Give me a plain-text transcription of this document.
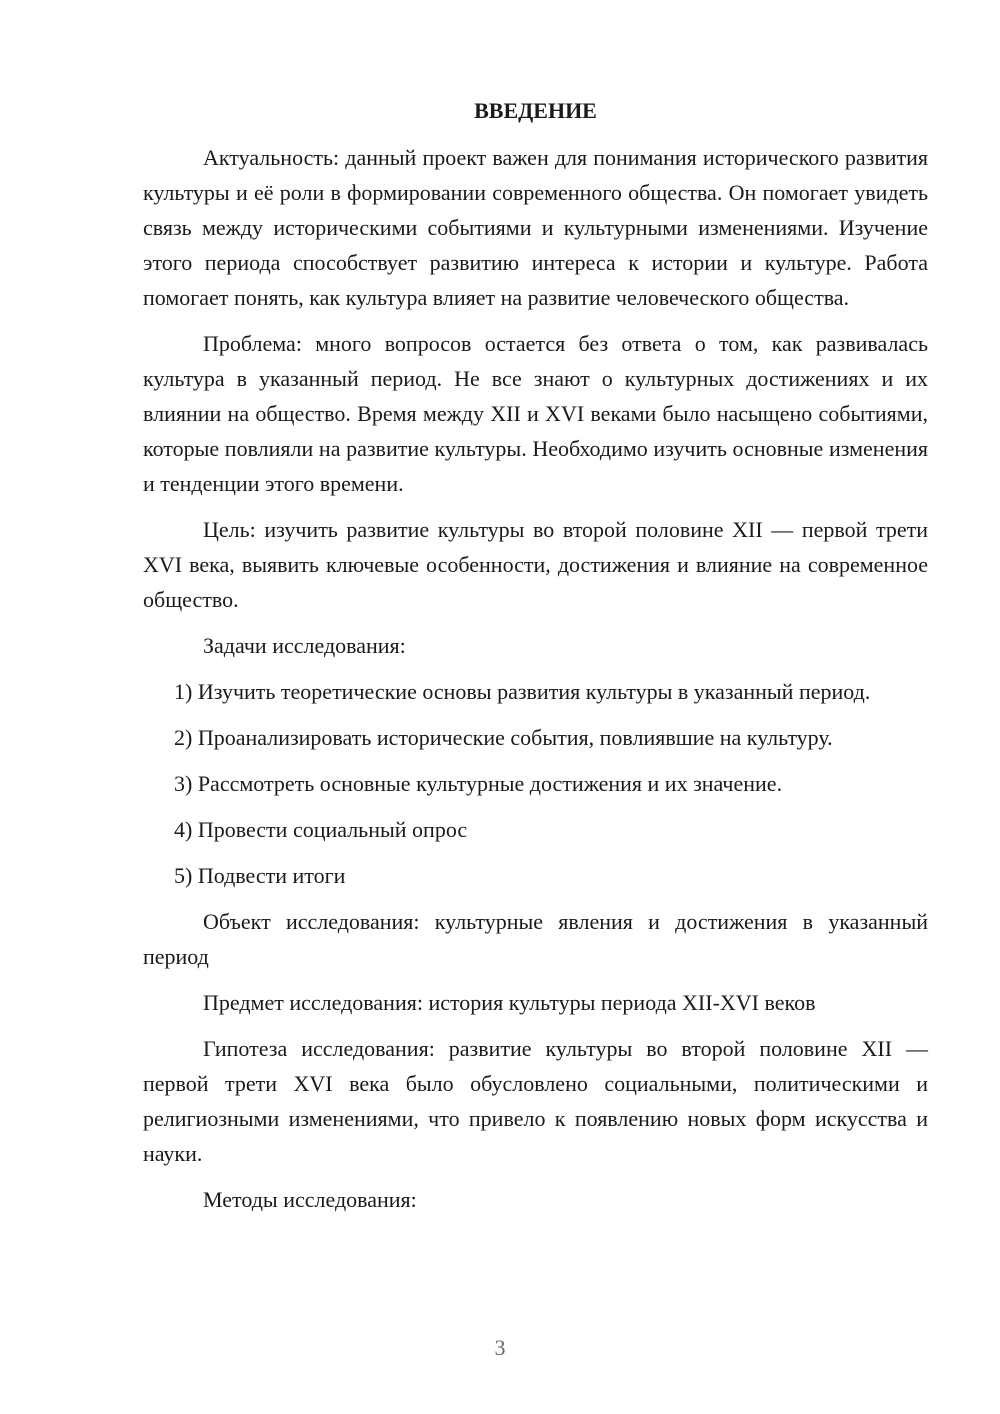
ВВЕДЕНИЕ

Актуальность: данный проект важен для понимания исторического развития культуры и её роли в формировании современного общества. Он помогает увидеть связь между историческими событиями и культурными изменениями. Изучение этого периода способствует развитию интереса к истории и культуре. Работа помогает понять, как культура влияет на развитие человеческого общества.

Проблема: много вопросов остается без ответа о том, как развивалась культура в указанный период. Не все знают о культурных достижениях и их влиянии на общество. Время между XII и XVI веками было насыщено событиями, которые повлияли на развитие культуры. Необходимо изучить основные изменения и тенденции этого времени.

Цель: изучить развитие культуры во второй половине XII — первой трети XVI века, выявить ключевые особенности, достижения и влияние на современное общество.

Задачи исследования:

1) Изучить теоретические основы развития культуры в указанный период.
2) Проанализировать исторические события, повлиявшие на культуру.
3) Рассмотреть основные культурные достижения и их значение.
4) Провести социальный опрос
5) Подвести итоги

Объект исследования: культурные явления и достижения в указанный период

Предмет исследования: история культуры периода XII-XVI веков

Гипотеза исследования: развитие культуры во второй половине XII — первой трети XVI века было обусловлено социальными, политическими и религиозными изменениями, что привело к появлению новых форм искусства и науки.

Методы исследования:

3
